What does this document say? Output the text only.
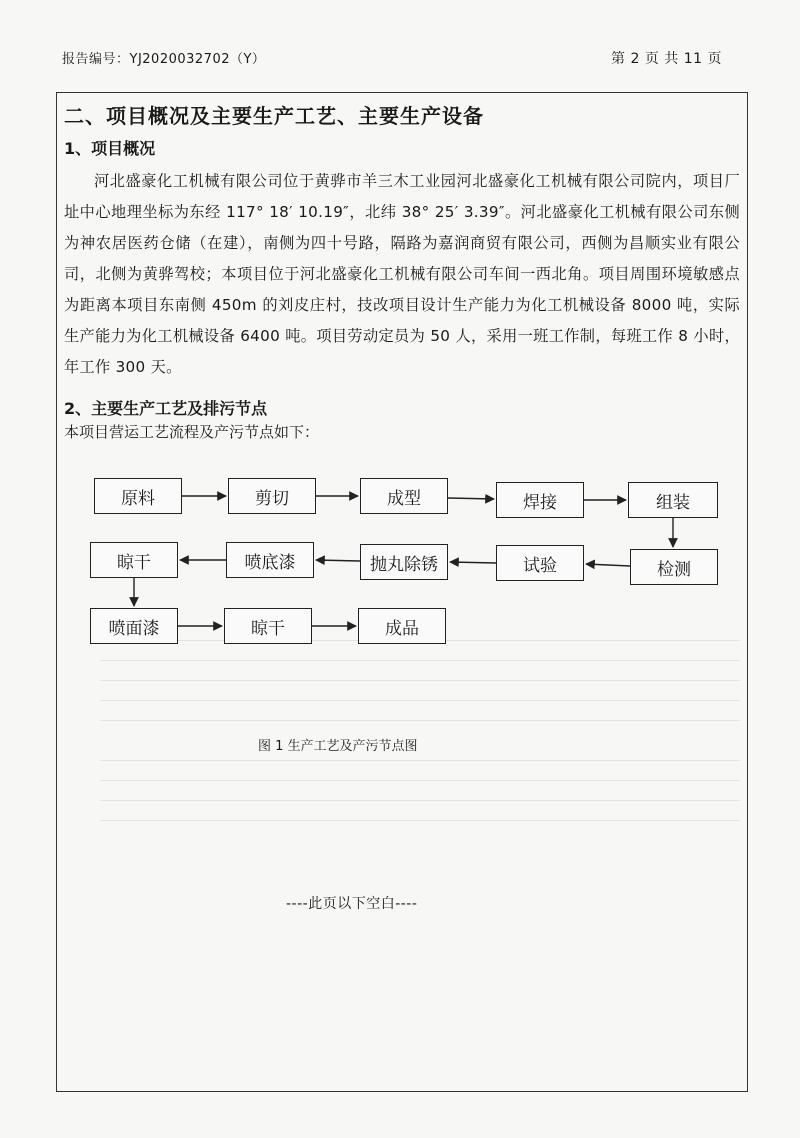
报告编号：YJ2020032702（Y）	第 2 页 共 11 页
二、项目概况及主要生产工艺、主要生产设备
1、项目概况
河北盛豪化工机械有限公司位于黄骅市羊三木工业园河北盛豪化工机械有限公司院内，项目厂址中心地理坐标为东经 117° 18′ 10.19″，北纬 38° 25′ 3.39″。河北盛豪化工机械有限公司东侧为神农居医药仓储（在建），南侧为四十号路，隔路为嘉润商贸有限公司，西侧为昌顺实业有限公司，北侧为黄骅驾校；本项目位于河北盛豪化工机械有限公司车间一西北角。项目周围环境敏感点为距离本项目东南侧 450m 的刘皮庄村，技改项目设计生产能力为化工机械设备 8000 吨，实际生产能力为化工机械设备 6400 吨。项目劳动定员为 50 人，采用一班工作制，每班工作 8 小时，年工作 300 天。
2、主要生产工艺及排污节点
本项目营运工艺流程及产污节点如下：
原料	剪切	成型	焊接	组装
检测
试验
抛丸除锈
喷底漆
晾干
喷面漆	晾干	成品
图 1 生产工艺及产污节点图
----此页以下空白----
